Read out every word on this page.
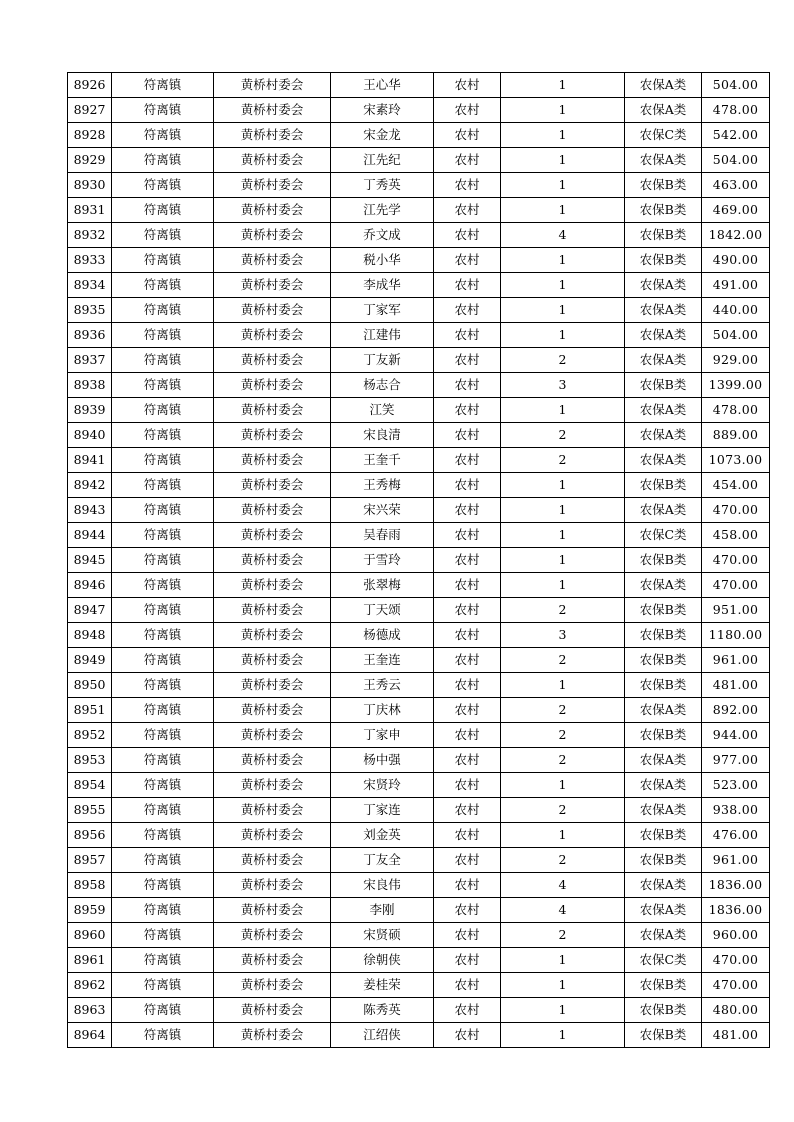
8926	符离镇	黄桥村委会	王心华	农村	1	农保A类	504.00
8927	符离镇	黄桥村委会	宋素玲	农村	1	农保A类	478.00
8928	符离镇	黄桥村委会	宋金龙	农村	1	农保C类	542.00
8929	符离镇	黄桥村委会	江先纪	农村	1	农保A类	504.00
8930	符离镇	黄桥村委会	丁秀英	农村	1	农保B类	463.00
8931	符离镇	黄桥村委会	江先学	农村	1	农保B类	469.00
8932	符离镇	黄桥村委会	乔文成	农村	4	农保B类	1842.00
8933	符离镇	黄桥村委会	税小华	农村	1	农保B类	490.00
8934	符离镇	黄桥村委会	李成华	农村	1	农保A类	491.00
8935	符离镇	黄桥村委会	丁家军	农村	1	农保A类	440.00
8936	符离镇	黄桥村委会	江建伟	农村	1	农保A类	504.00
8937	符离镇	黄桥村委会	丁友新	农村	2	农保A类	929.00
8938	符离镇	黄桥村委会	杨志合	农村	3	农保B类	1399.00
8939	符离镇	黄桥村委会	江笑	农村	1	农保A类	478.00
8940	符离镇	黄桥村委会	宋良清	农村	2	农保A类	889.00
8941	符离镇	黄桥村委会	王奎千	农村	2	农保A类	1073.00
8942	符离镇	黄桥村委会	王秀梅	农村	1	农保B类	454.00
8943	符离镇	黄桥村委会	宋兴荣	农村	1	农保A类	470.00
8944	符离镇	黄桥村委会	吴春雨	农村	1	农保C类	458.00
8945	符离镇	黄桥村委会	于雪玲	农村	1	农保B类	470.00
8946	符离镇	黄桥村委会	张翠梅	农村	1	农保A类	470.00
8947	符离镇	黄桥村委会	丁天颂	农村	2	农保B类	951.00
8948	符离镇	黄桥村委会	杨德成	农村	3	农保B类	1180.00
8949	符离镇	黄桥村委会	王奎连	农村	2	农保B类	961.00
8950	符离镇	黄桥村委会	王秀云	农村	1	农保B类	481.00
8951	符离镇	黄桥村委会	丁庆林	农村	2	农保A类	892.00
8952	符离镇	黄桥村委会	丁家申	农村	2	农保B类	944.00
8953	符离镇	黄桥村委会	杨中强	农村	2	农保A类	977.00
8954	符离镇	黄桥村委会	宋贤玲	农村	1	农保A类	523.00
8955	符离镇	黄桥村委会	丁家连	农村	2	农保A类	938.00
8956	符离镇	黄桥村委会	刘金英	农村	1	农保B类	476.00
8957	符离镇	黄桥村委会	丁友全	农村	2	农保B类	961.00
8958	符离镇	黄桥村委会	宋良伟	农村	4	农保A类	1836.00
8959	符离镇	黄桥村委会	李刚	农村	4	农保A类	1836.00
8960	符离镇	黄桥村委会	宋贤硕	农村	2	农保A类	960.00
8961	符离镇	黄桥村委会	徐朝侠	农村	1	农保C类	470.00
8962	符离镇	黄桥村委会	姜桂荣	农村	1	农保B类	470.00
8963	符离镇	黄桥村委会	陈秀英	农村	1	农保B类	480.00
8964	符离镇	黄桥村委会	江绍侠	农村	1	农保B类	481.00
